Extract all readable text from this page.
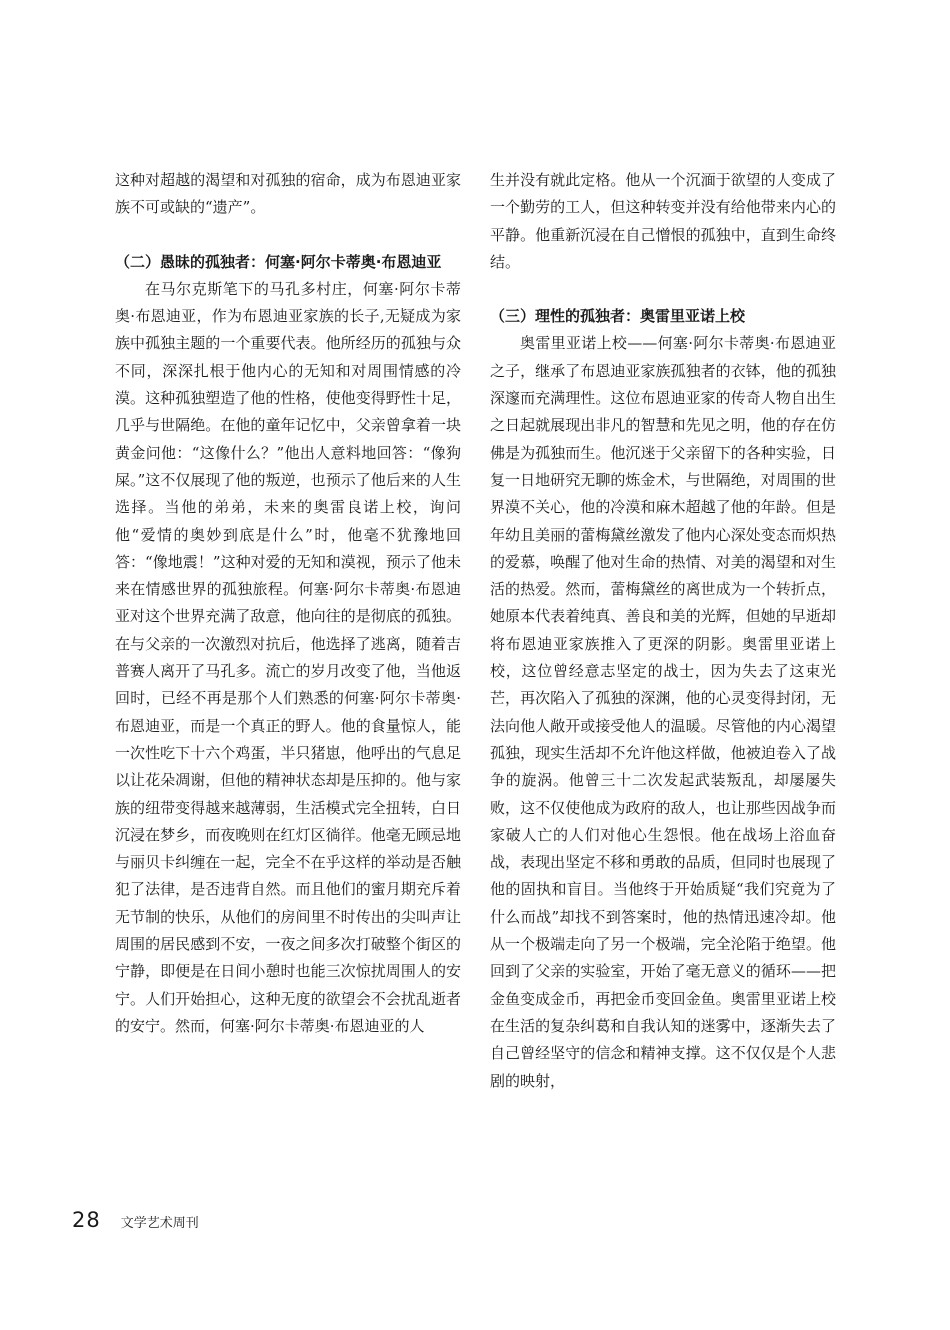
这种对超越的渴望和对孤独的宿命，成为布恩迪亚家族不可或缺的“遗产”。

（二）愚昧的孤独者：何塞·阿尔卡蒂奥·布恩迪亚

在马尔克斯笔下的马孔多村庄，何塞·阿尔卡蒂奥·布恩迪亚，作为布恩迪亚家族的长子,无疑成为家族中孤独主题的一个重要代表。他所经历的孤独与众不同，深深扎根于他内心的无知和对周围情感的冷漠。这种孤独塑造了他的性格，使他变得野性十足，几乎与世隔绝。在他的童年记忆中，父亲曾拿着一块黄金问他：“这像什么？”他出人意料地回答：“像狗屎。”这不仅展现了他的叛逆，也预示了他后来的人生选择。当他的弟弟，未来的奥雷良诺上校，询问他“爱情的奥妙到底是什么”时，他毫不犹豫地回答：“像地震！”这种对爱的无知和漠视，预示了他未来在情感世界的孤独旅程。何塞·阿尔卡蒂奥·布恩迪亚对这个世界充满了敌意，他向往的是彻底的孤独。在与父亲的一次激烈对抗后，他选择了逃离，随着吉普赛人离开了马孔多。流亡的岁月改变了他，当他返回时，已经不再是那个人们熟悉的何塞·阿尔卡蒂奥·布恩迪亚，而是一个真正的野人。他的食量惊人，能一次性吃下十六个鸡蛋，半只猪崽，他呼出的气息足以让花朵凋谢，但他的精神状态却是压抑的。他与家族的纽带变得越来越薄弱，生活模式完全扭转，白日沉浸在梦乡，而夜晚则在红灯区徜徉。他毫无顾忌地与丽贝卡纠缠在一起，完全不在乎这样的举动是否触犯了法律，是否违背自然。而且他们的蜜月期充斥着无节制的快乐，从他们的房间里不时传出的尖叫声让周围的居民感到不安，一夜之间多次打破整个街区的宁静，即便是在日间小憩时也能三次惊扰周围人的安宁。人们开始担心，这种无度的欲望会不会扰乱逝者的安宁。然而，何塞·阿尔卡蒂奥·布恩迪亚的人

生并没有就此定格。他从一个沉湎于欲望的人变成了一个勤劳的工人，但这种转变并没有给他带来内心的平静。他重新沉浸在自己憎恨的孤独中，直到生命终结。

（三）理性的孤独者：奥雷里亚诺上校

奥雷里亚诺上校——何塞·阿尔卡蒂奥·布恩迪亚之子，继承了布恩迪亚家族孤独者的衣钵，他的孤独深邃而充满理性。这位布恩迪亚家的传奇人物自出生之日起就展现出非凡的智慧和先见之明，他的存在仿佛是为孤独而生。他沉迷于父亲留下的各种实验，日复一日地研究无聊的炼金术，与世隔绝，对周围的世界漠不关心，他的冷漠和麻木超越了他的年龄。但是年幼且美丽的蕾梅黛丝激发了他内心深处变态而炽热的爱慕，唤醒了他对生命的热情、对美的渴望和对生活的热爱。然而，蕾梅黛丝的离世成为一个转折点，她原本代表着纯真、善良和美的光辉，但她的早逝却将布恩迪亚家族推入了更深的阴影。奥雷里亚诺上校，这位曾经意志坚定的战士，因为失去了这束光芒，再次陷入了孤独的深渊，他的心灵变得封闭，无法向他人敞开或接受他人的温暖。尽管他的内心渴望孤独，现实生活却不允许他这样做，他被迫卷入了战争的旋涡。他曾三十二次发起武装叛乱，却屡屡失败，这不仅使他成为政府的敌人，也让那些因战争而家破人亡的人们对他心生怨恨。他在战场上浴血奋战，表现出坚定不移和勇敢的品质，但同时也展现了他的固执和盲目。当他终于开始质疑“我们究竟为了什么而战”却找不到答案时，他的热情迅速冷却。他从一个极端走向了另一个极端，完全沦陷于绝望。他回到了父亲的实验室，开始了毫无意义的循环——把金鱼变成金币，再把金币变回金鱼。奥雷里亚诺上校在生活的复杂纠葛和自我认知的迷雾中，逐渐失去了自己曾经坚守的信念和精神支撑。这不仅仅是个人悲剧的映射，

28 文学艺术周刊
